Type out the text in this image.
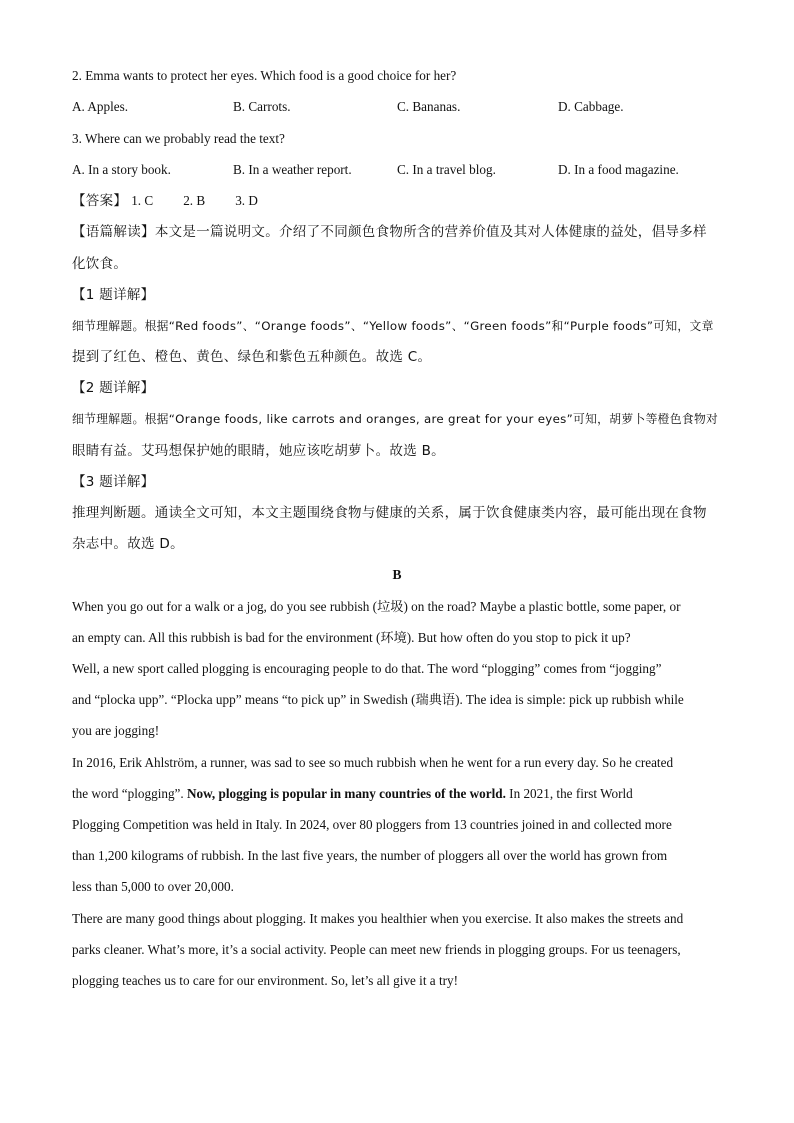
2. Emma wants to protect her eyes. Which food is a good choice for her?
A. Apples.	B. Carrots.	C. Bananas.	D. Cabbage.
3. Where can we probably read the text?
A. In a story book.	B. In a weather report.	C. In a travel blog.	D. In a food magazine.
【答案】 1. C 2. B 3. D
【语篇解读】本文是一篇说明文。介绍了不同颜色食物所含的营养价值及其对人体健康的益处，倡导多样
化饮食。
【1 题详解】
细节理解题。根据“Red foods”、“Orange foods”、“Yellow foods”、“Green foods”和“Purple foods”可知，文章
提到了红色、橙色、黄色、绿色和紫色五种颜色。故选 C。
【2 题详解】
细节理解题。根据“Orange foods, like carrots and oranges, are great for your eyes”可知，胡萝卜等橙色食物对
眼睛有益。艾玛想保护她的眼睛，她应该吃胡萝卜。故选 B。
【3 题详解】
推理判断题。通读全文可知，本文主题围绕食物与健康的关系，属于饮食健康类内容，最可能出现在食物
杂志中。故选 D。
B
When you go out for a walk or a jog, do you see rubbish (垃圾) on the road? Maybe a plastic bottle, some paper, or
an empty can. All this rubbish is bad for the environment (环境). But how often do you stop to pick it up?
Well, a new sport called plogging is encouraging people to do that. The word “plogging” comes from “jogging”
and “plocka upp”. “Plocka upp” means “to pick up” in Swedish (瑞典语). The idea is simple: pick up rubbish while
you are jogging!
In 2016, Erik Ahlström, a runner, was sad to see so much rubbish when he went for a run every day. So he created
the word “plogging”. Now, plogging is popular in many countries of the world. In 2021, the first World
Plogging Competition was held in Italy. In 2024, over 80 ploggers from 13 countries joined in and collected more
than 1,200 kilograms of rubbish. In the last five years, the number of ploggers all over the world has grown from
less than 5,000 to over 20,000.
There are many good things about plogging. It makes you healthier when you exercise. It also makes the streets and
parks cleaner. What’s more, it’s a social activity. People can meet new friends in plogging groups. For us teenagers,
plogging teaches us to care for our environment. So, let’s all give it a try!
